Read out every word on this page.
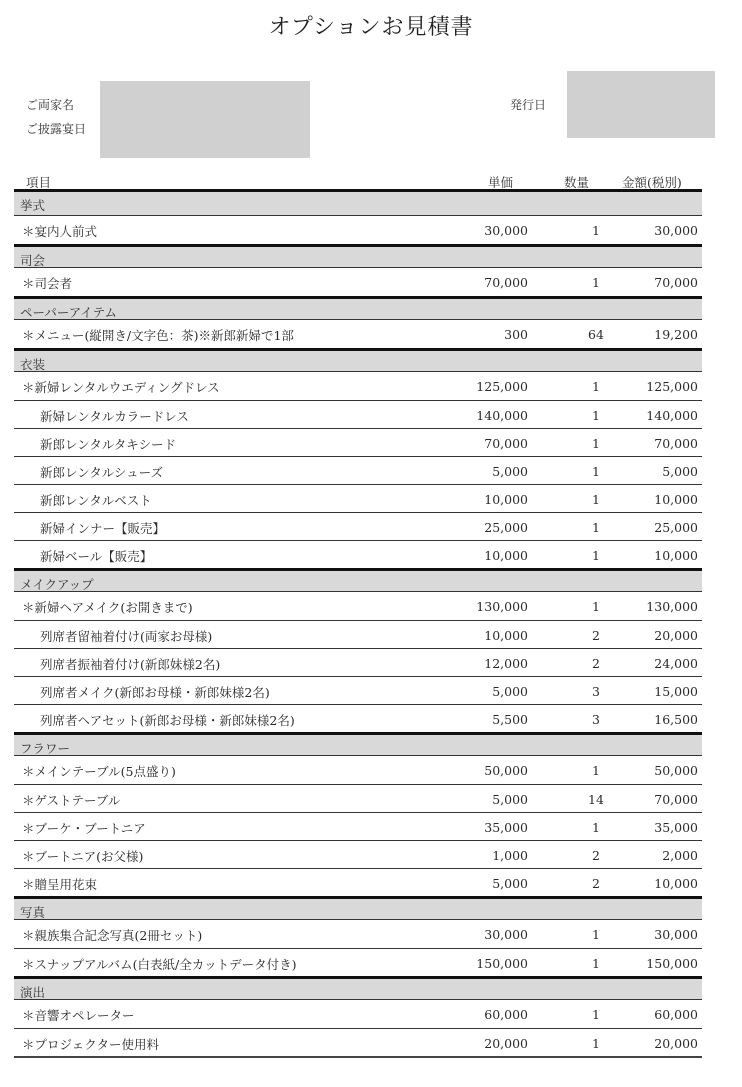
オプションお見積書
ご両家名
ご披露宴日
発行日
項目	単価	数量	金額(税別)
挙式
＊宴内人前式	30,000	1	30,000
司会
＊司会者	70,000	1	70,000
ペーパーアイテム
＊メニュー(縦開き/文字色：茶)※新郎新婦で1部	300	64	19,200
衣装
＊新婦レンタルウエディングドレス	125,000	1	125,000
新婦レンタルカラードレス	140,000	1	140,000
新郎レンタルタキシード	70,000	1	70,000
新郎レンタルシューズ	5,000	1	5,000
新郎レンタルベスト	10,000	1	10,000
新婦インナー【販売】	25,000	1	25,000
新婦ベール【販売】	10,000	1	10,000
メイクアップ
＊新婦ヘアメイク(お開きまで)	130,000	1	130,000
列席者留袖着付け(両家お母様)	10,000	2	20,000
列席者振袖着付け(新郎妹様2名)	12,000	2	24,000
列席者メイク(新郎お母様・新郎妹様2名)	5,000	3	15,000
列席者ヘアセット(新郎お母様・新郎妹様2名)	5,500	3	16,500
フラワー
＊メインテーブル(5点盛り)	50,000	1	50,000
＊ゲストテーブル	5,000	14	70,000
＊ブーケ・ブートニア	35,000	1	35,000
＊ブートニア(お父様)	1,000	2	2,000
＊贈呈用花束	5,000	2	10,000
写真
＊親族集合記念写真(2冊セット)	30,000	1	30,000
＊スナップアルバム(白表紙/全カットデータ付き)	150,000	1	150,000
演出
＊音響オペレーター	60,000	1	60,000
＊プロジェクター使用料	20,000	1	20,000
